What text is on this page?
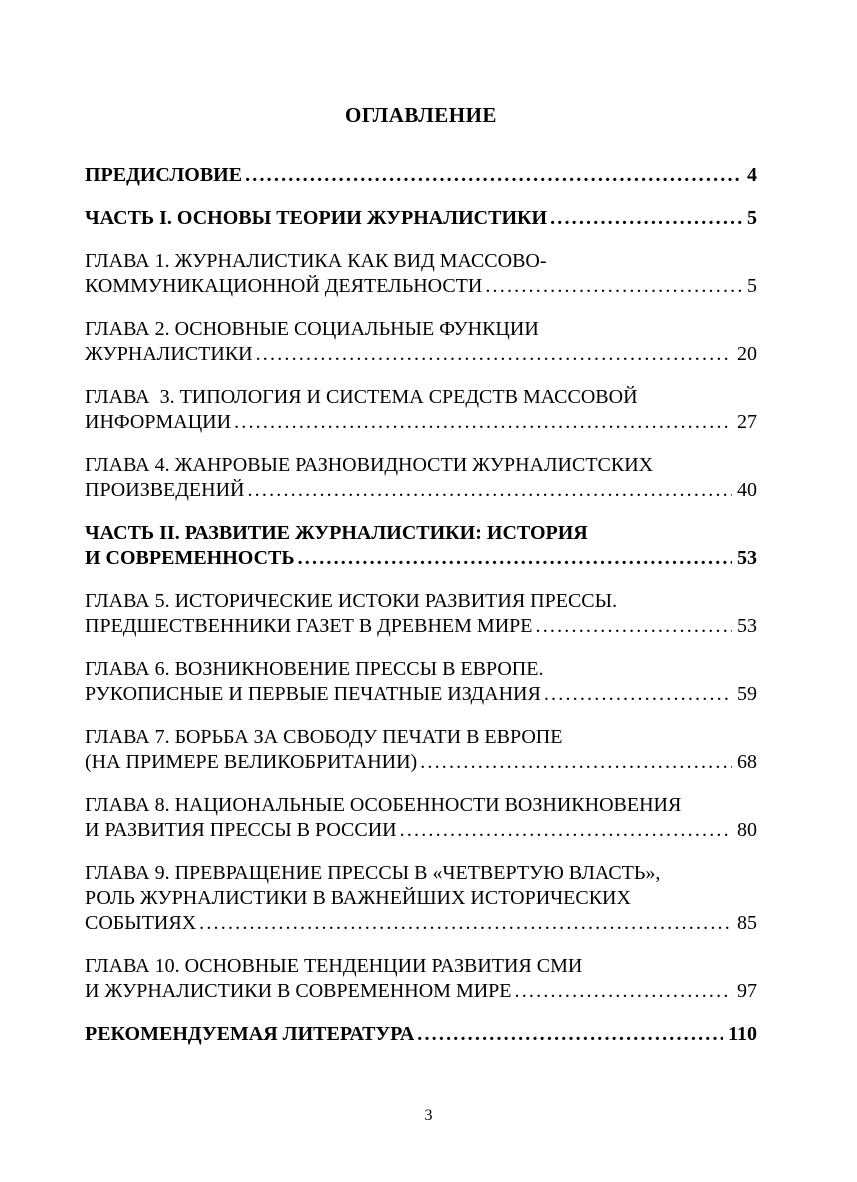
ОГЛАВЛЕНИЕ
ПРЕДИСЛОВИЕ .....	4
ЧАСТЬ I. ОСНОВЫ ТЕОРИИ ЖУРНАЛИСТИКИ .....	5
ГЛАВА 1. ЖУРНАЛИСТИКА КАК ВИД МАССОВО-
КОММУНИКАЦИОННОЙ ДЕЯТЕЛЬНОСТИ .....	5
ГЛАВА 2. ОСНОВНЫЕ СОЦИАЛЬНЫЕ ФУНКЦИИ
ЖУРНАЛИСТИКИ .....	20
ГЛАВА  3. ТИПОЛОГИЯ И СИСТЕМА СРЕДСТВ МАССОВОЙ
ИНФОРМАЦИИ .....	27
ГЛАВА 4. ЖАНРОВЫЕ РАЗНОВИДНОСТИ ЖУРНАЛИСТСКИХ
ПРОИЗВЕДЕНИЙ .....	40
ЧАСТЬ II. РАЗВИТИЕ ЖУРНАЛИСТИКИ: ИСТОРИЯ
И СОВРЕМЕННОСТЬ .....	53
ГЛАВА 5. ИСТОРИЧЕСКИЕ ИСТОКИ РАЗВИТИЯ ПРЕССЫ.
ПРЕДШЕСТВЕННИКИ ГАЗЕТ В ДРЕВНЕМ МИРЕ .....	53
ГЛАВА 6. ВОЗНИКНОВЕНИЕ ПРЕССЫ В ЕВРОПЕ.
РУКОПИСНЫЕ И ПЕРВЫЕ ПЕЧАТНЫЕ ИЗДАНИЯ .....	59
ГЛАВА 7. БОРЬБА ЗА СВОБОДУ ПЕЧАТИ В ЕВРОПЕ
(НА ПРИМЕРЕ ВЕЛИКОБРИТАНИИ) .....	68
ГЛАВА 8. НАЦИОНАЛЬНЫЕ ОСОБЕННОСТИ ВОЗНИКНОВЕНИЯ
И РАЗВИТИЯ ПРЕССЫ В РОССИИ .....	80
ГЛАВА 9. ПРЕВРАЩЕНИЕ ПРЕССЫ В «ЧЕТВЕРТУЮ ВЛАСТЬ»,
РОЛЬ ЖУРНАЛИСТИКИ В ВАЖНЕЙШИХ ИСТОРИЧЕСКИХ
СОБЫТИЯХ .....	85
ГЛАВА 10. ОСНОВНЫЕ ТЕНДЕНЦИИ РАЗВИТИЯ СМИ
И ЖУРНАЛИСТИКИ В СОВРЕМЕННОМ МИРЕ .....	97
РЕКОМЕНДУЕМАЯ ЛИТЕРАТУРА .....	110
3
